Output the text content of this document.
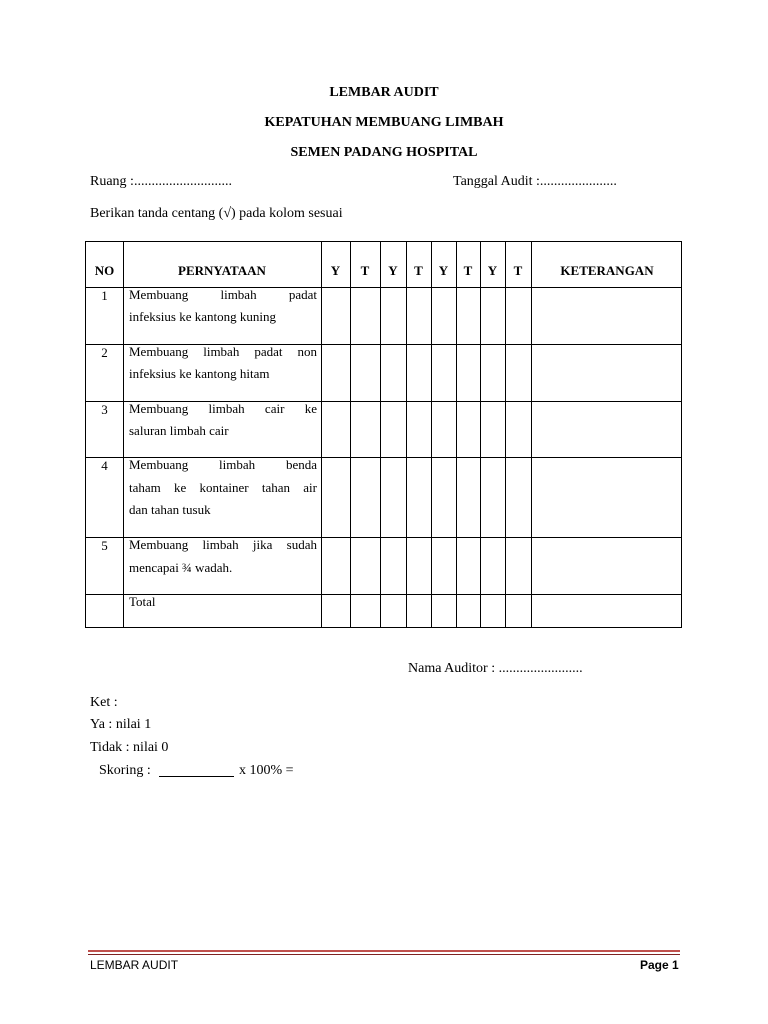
LEMBAR AUDIT
KEPATUHAN MEMBUANG LIMBAH
SEMEN PADANG HOSPITAL
Ruang :............................	Tanggal Audit :......................
Berikan tanda centang (√) pada kolom sesuai
NO	PERNYATAAN	Y	T	Y	T	Y	T	Y	T	KETERANGAN
1	Membuang limbah padat
infeksius ke kantong kuning
2	Membuang limbah padat non
infeksius ke kantong hitam
3	Membuang limbah cair ke
saluran limbah cair
4	Membuang limbah benda
taham ke kontainer tahan air
dan tahan tusuk
5	Membuang limbah jika sudah
mencapai ¾ wadah.
Total
Nama Auditor : ........................
Ket :
Ya : nilai 1
Tidak : nilai 0
Skoring :	x 100% =
LEMBAR AUDIT	Page 1
